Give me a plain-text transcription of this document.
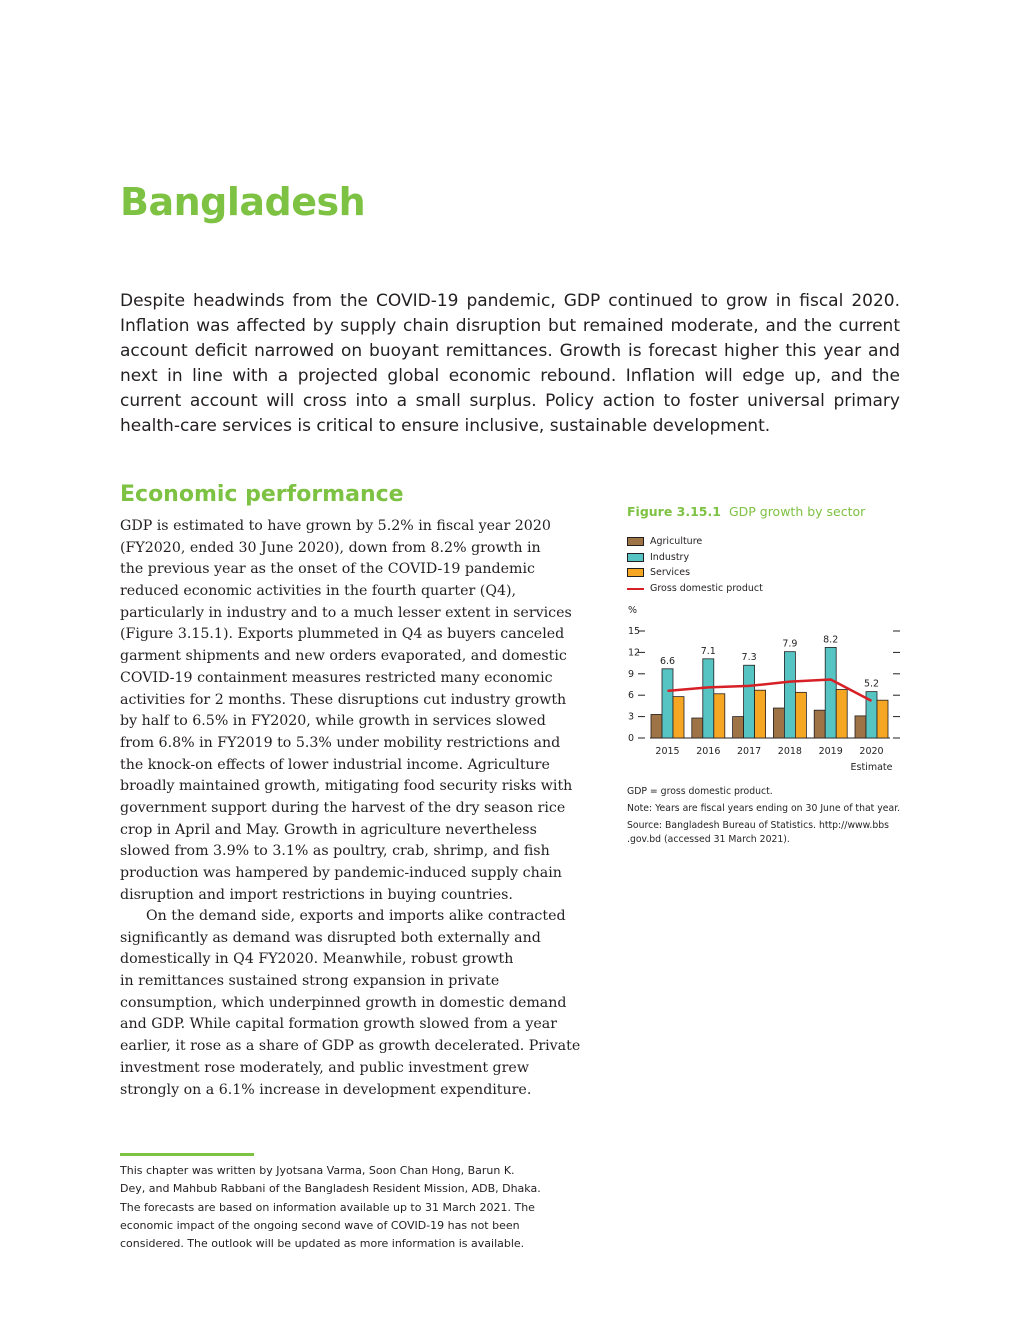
Bangladesh

Despite headwinds from the COVID-19 pandemic, GDP continued to grow in fiscal 2020. Inflation was affected by supply chain disruption but remained moderate, and the current account deficit narrowed on buoyant remittances. Growth is forecast higher this year and next in line with a projected global economic rebound. Inflation will edge up, and the current account will cross into a small surplus. Policy action to foster universal primary health-care services is critical to ensure inclusive, sustainable development.

Economic performance
GDP is estimated to have grown by 5.2% in fiscal year 2020
(FY2020, ended 30 June 2020), down from 8.2% growth in
the previous year as the onset of the COVID-19 pandemic
reduced economic activities in the fourth quarter (Q4),
particularly in industry and to a much lesser extent in services
(Figure 3.15.1). Exports plummeted in Q4 as buyers canceled
garment shipments and new orders evaporated, and domestic
COVID-19 containment measures restricted many economic
activities for 2 months. These disruptions cut industry growth
by half to 6.5% in FY2020, while growth in services slowed
from 6.8% in FY2019 to 5.3% under mobility restrictions and
the knock-on effects of lower industrial income. Agriculture
broadly maintained growth, mitigating food security risks with
government support during the harvest of the dry season rice
crop in April and May. Growth in agriculture nevertheless
slowed from 3.9% to 3.1% as poultry, crab, shrimp, and fish
production was hampered by pandemic-induced supply chain
disruption and import restrictions in buying countries.
On the demand side, exports and imports alike contracted
significantly as demand was disrupted both externally and
domestically in Q4 FY2020. Meanwhile, robust growth
in remittances sustained strong expansion in private
consumption, which underpinned growth in domestic demand
and GDP. While capital formation growth slowed from a year
earlier, it rose as a share of GDP as growth decelerated. Private
investment rose moderately, and public investment grew
strongly on a 6.1% increase in development expenditure.
This chapter was written by Jyotsana Varma, Soon Chan Hong, Barun K.
Dey, and Mahbub Rabbani of the Bangladesh Resident Mission, ADB, Dhaka.
The forecasts are based on information available up to 31 March 2021. The
economic impact of the ongoing second wave of COVID-19 has not been
considered. The outlook will be updated as more information is available.
Figure 3.15.1 GDP growth by sector
Agriculture
Industry
Services
Gross domestic product
%
0
3
6
9
12
15
2015 2016 2017 2018 2019 2020
Estimate
6.6
7.1
7.3
7.9	8.2
5.2
GDP = gross domestic product.
Note: Years are fiscal years ending on 30 June of that year.
Source: Bangladesh Bureau of Statistics. http://www.bbs
.gov.bd (accessed 31 March 2021).
